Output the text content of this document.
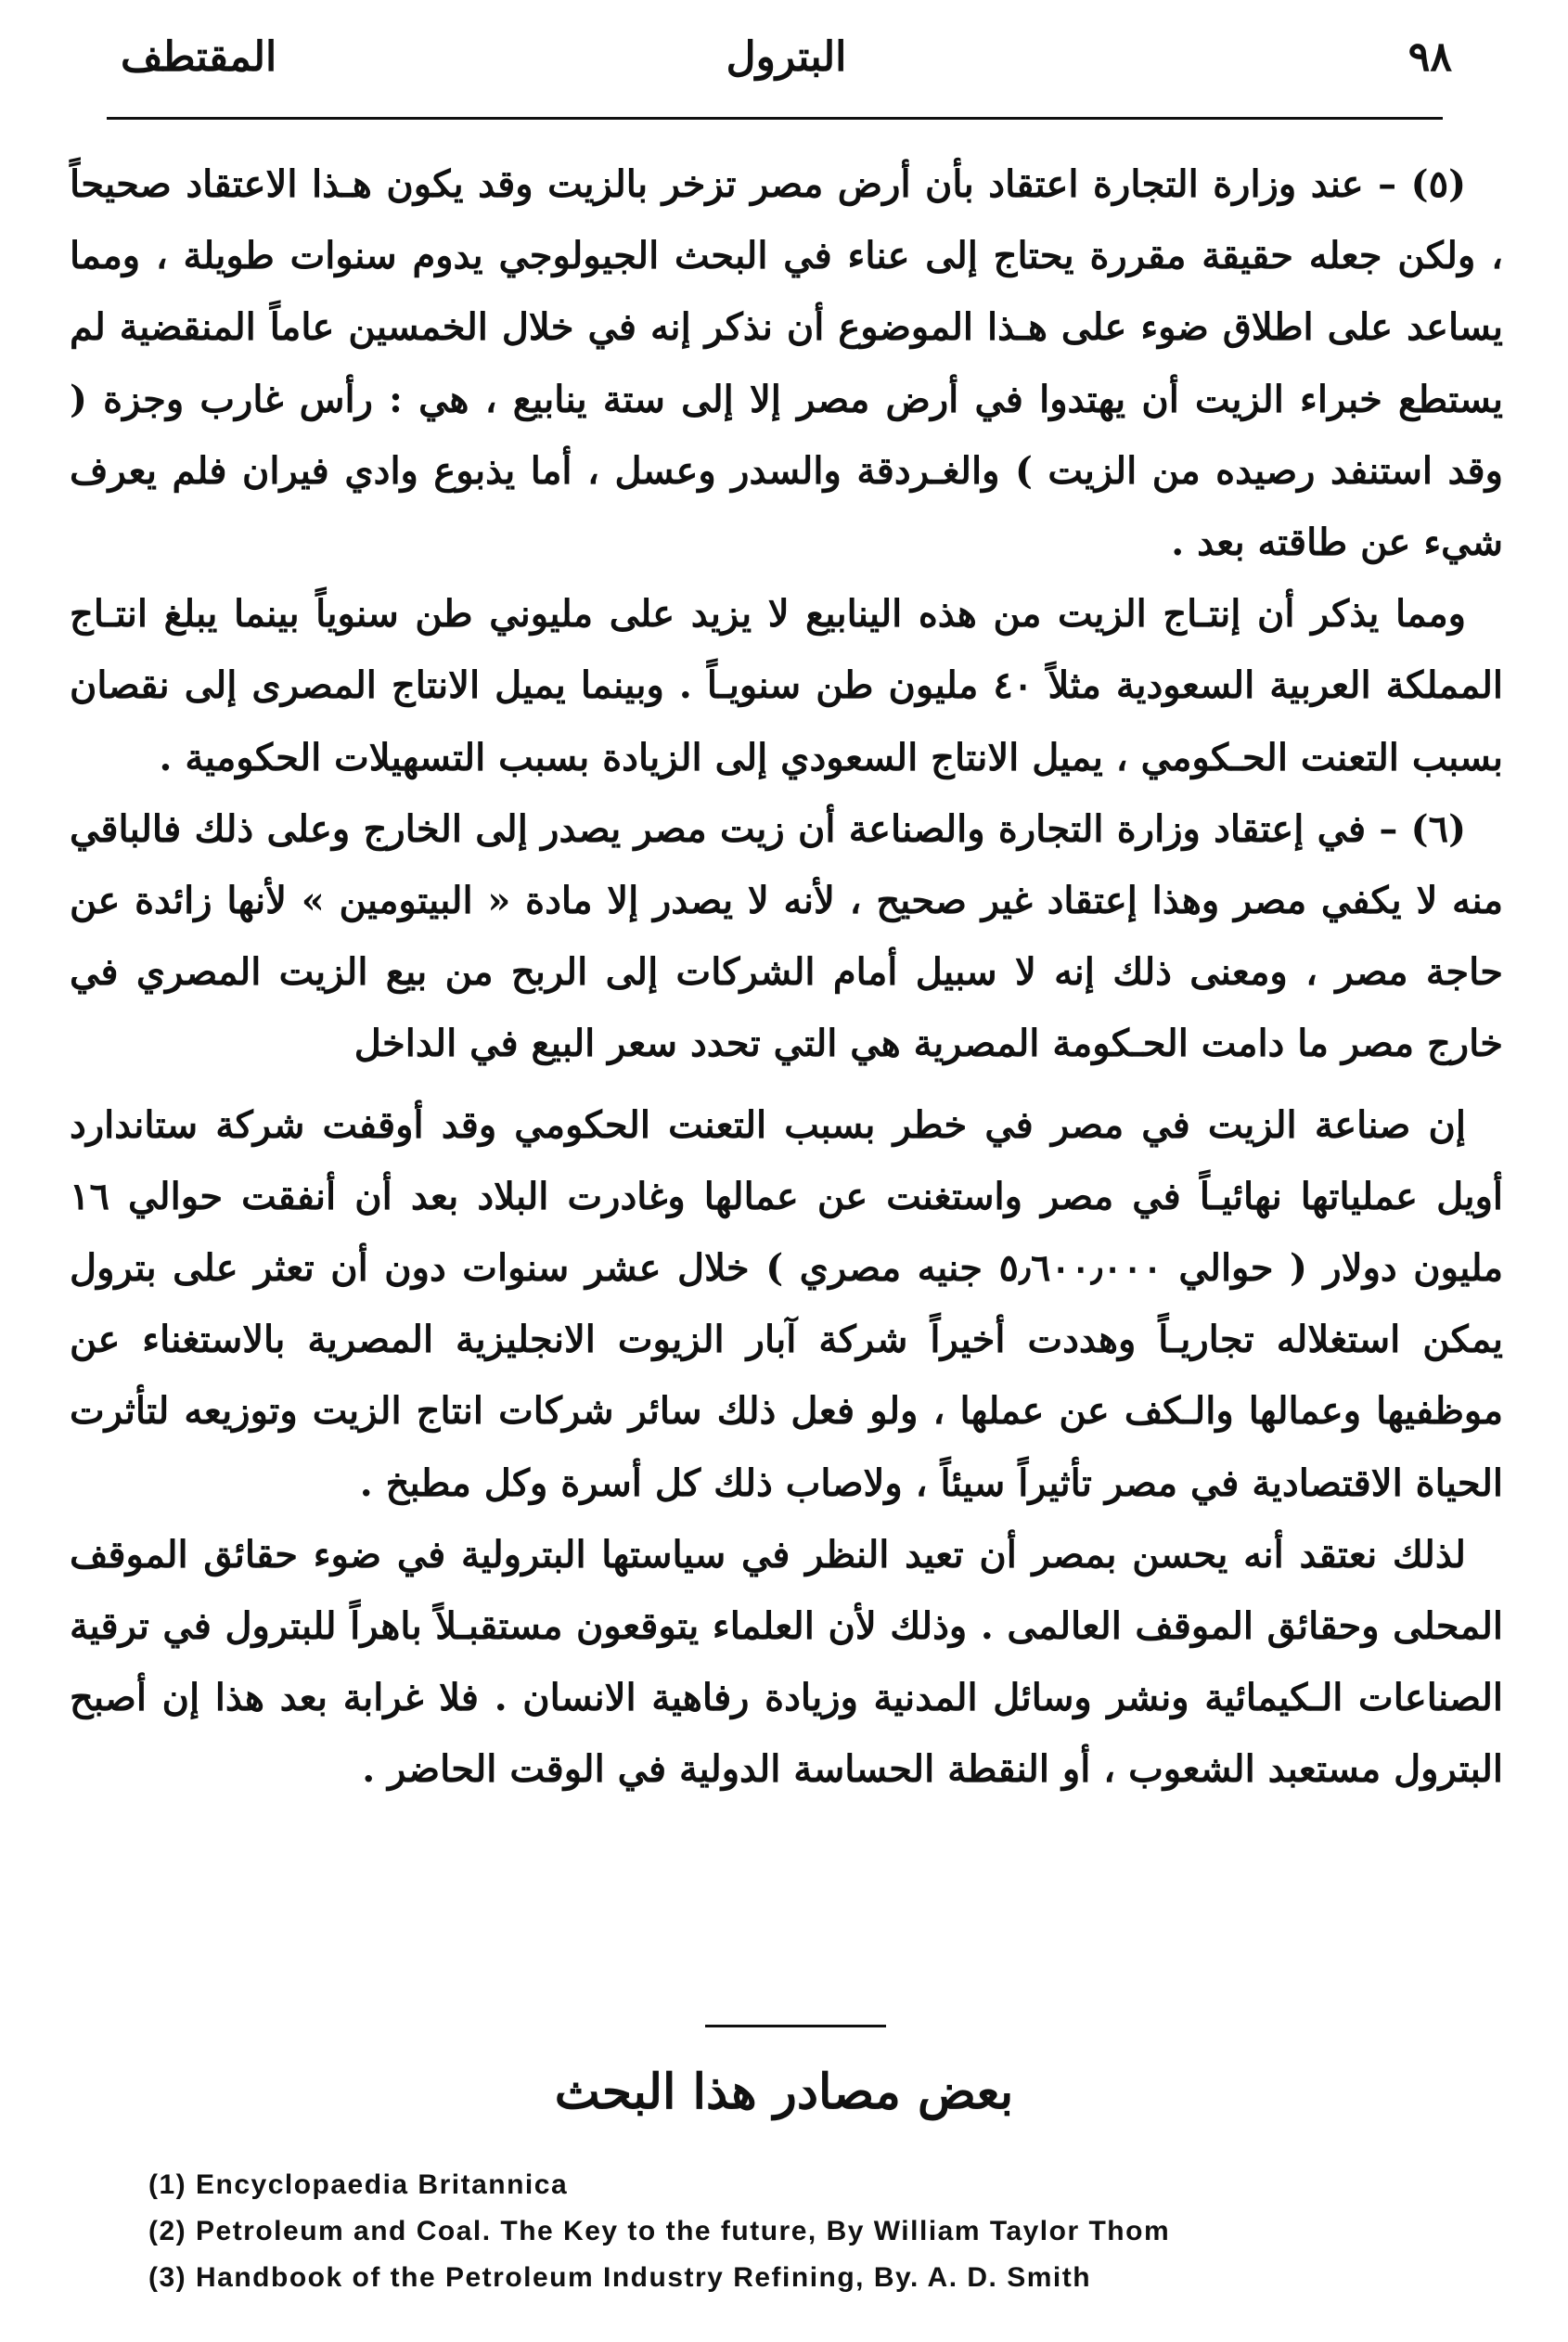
٩٨
البترول
المقتطف

(٥) – عند وزارة التجارة اعتقاد بأن أرض مصر تزخر بالزيت وقد يكون هـذا الاعتقاد صحيحاً ، ولكن جعله حقيقة مقررة يحتاج إلى عناء في البحث الجيولوجي يدوم سنوات طويلة ، ومما يساعد على اطلاق ضوء على هـذا الموضوع أن نذكر إنه في خلال الخمسين عاماً المنقضية لم يستطع خبراء الزيت أن يهتدوا في أرض مصر إلا إلى ستة ينابيع ، هي : رأس غارب وجزة ( وقد استنفد رصيده من الزيت ) والغـردقة والسدر وعسل ، أما يذبوع وادي فيران فلم يعرف شيء عن طاقته بعد .

ومما يذكر أن إنتـاج الزيت من هذه الينابيع لا يزيد على مليوني طن سنوياً بينما يبلغ انتـاج المملكة العربية السعودية مثلاً ٤٠ مليون طن سنويـاً . وبينما يميل الانتاج المصرى إلى نقصان بسبب التعنت الحـكومي ، يميل الانتاج السعودي إلى الزيادة بسبب التسهيلات الحكومية .

(٦) – في إعتقاد وزارة التجارة والصناعة أن زيت مصر يصدر إلى الخارج وعلى ذلك فالباقي منه لا يكفي مصر وهذا إعتقاد غير صحيح ، لأنه لا يصدر إلا مادة « البيتومين » لأنها زائدة عن حاجة مصر ، ومعنى ذلك إنه لا سبيل أمام الشركات إلى الربح من بيع الزيت المصري في خارج مصر ما دامت الحـكومة المصرية هي التي تحدد سعر البيع في الداخل

إن صناعة الزيت في مصر في خطر بسبب التعنت الحكومي وقد أوقفت شركة ستاندارد أويل عملياتها نهائيـاً في مصر واستغنت عن عمالها وغادرت البلاد بعد أن أنفقت حوالي ١٦ مليون دولار ( حوالي ٥٫٦٠٠٫٠٠٠ جنيه مصري ) خلال عشر سنوات دون أن تعثر على بترول يمكن استغلاله تجاريـاً وهددت أخيراً شركة آبار الزيوت الانجليزية المصرية بالاستغناء عن موظفيها وعمالها والـكف عن عملها ، ولو فعل ذلك سائر شركات انتاج الزيت وتوزيعه لتأثرت الحياة الاقتصادية في مصر تأثيراً سيئاً ، ولاصاب ذلك كل أسرة وكل مطبخ .

لذلك نعتقد أنه يحسن بمصر أن تعيد النظر في سياستها البترولية في ضوء حقائق الموقف المحلى وحقائق الموقف العالمى . وذلك لأن العلماء يتوقعون مستقبـلاً باهراً للبترول في ترقية الصناعات الـكيمائية ونشر وسائل المدنية وزيادة رفاهية الانسان . فلا غرابة بعد هذا إن أصبح البترول مستعبد الشعوب ، أو النقطة الحساسة الدولية في الوقت الحاضر .

بعض مصادر هذا البحث
(1) Encyclopaedia Britannica
(2) Petroleum and Coal. The Key to the future, By William Taylor Thom
(3) Handbook of the Petroleum Industry Refining, By. A. D. Smith
